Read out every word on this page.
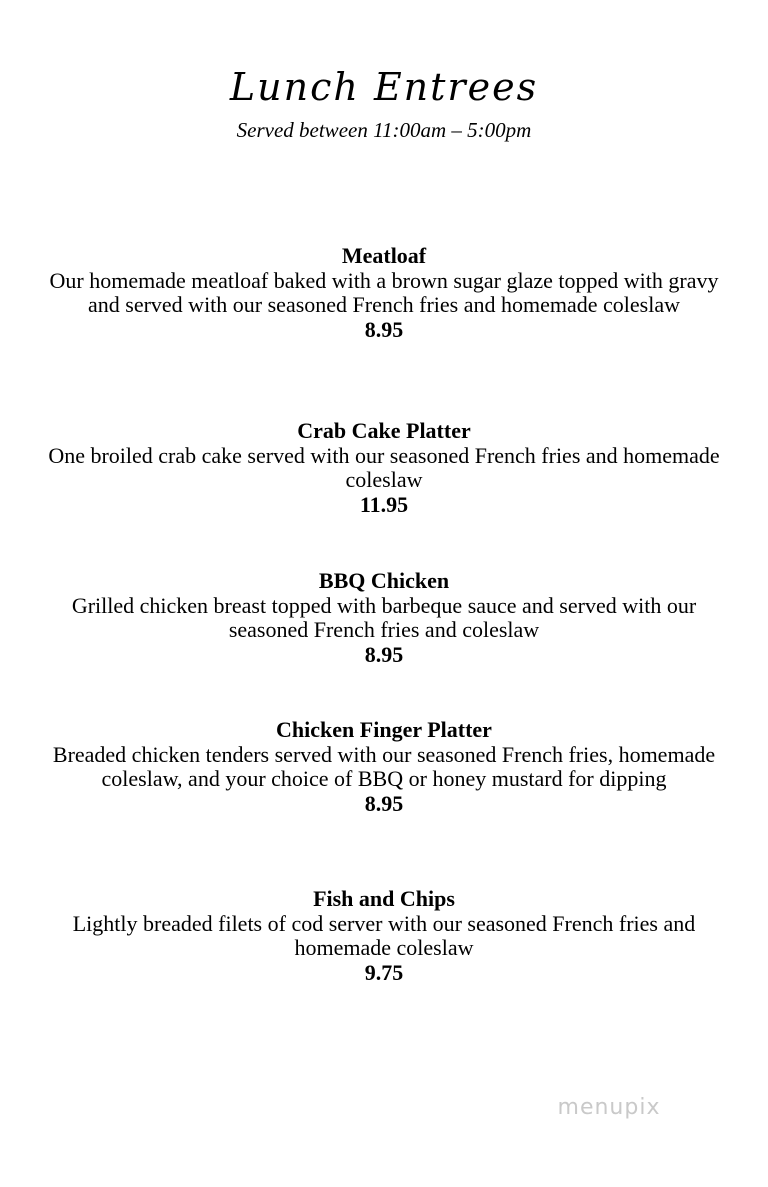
Lunch Entrees
Served between 11:00am – 5:00pm
Meatloaf
Our homemade meatloaf baked with a brown sugar glaze topped with gravy and served with our seasoned French fries and homemade coleslaw
8.95
Crab Cake Platter
One broiled crab cake served with our seasoned French fries and homemade coleslaw
11.95
BBQ Chicken
Grilled chicken breast topped with barbeque sauce and served with our seasoned French fries and coleslaw
8.95
Chicken Finger Platter
Breaded chicken tenders served with our seasoned French fries, homemade coleslaw, and your choice of BBQ or honey mustard for dipping
8.95
Fish and Chips
Lightly breaded filets of cod server with our seasoned French fries and homemade coleslaw
9.75
menupix
